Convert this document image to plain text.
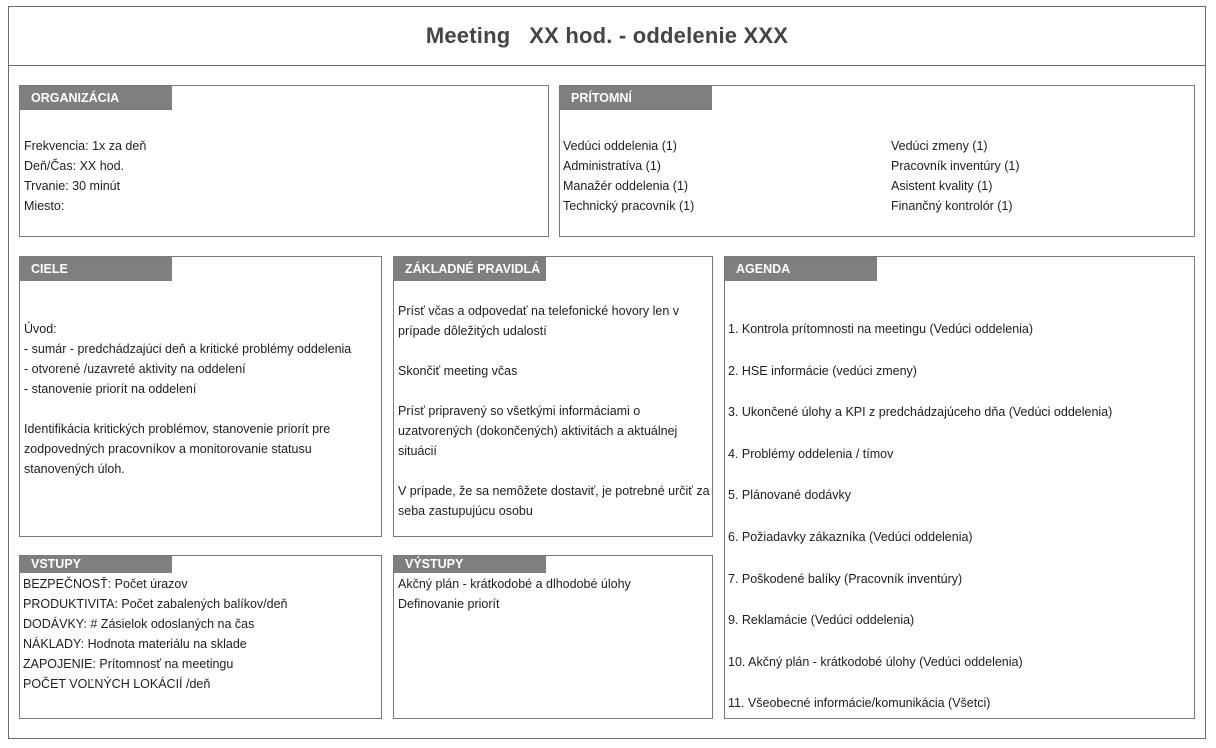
Meeting   XX hod. - oddelenie XXX
ORGANIZÁCIA
Frekvencia: 1x za deň
Deň/Čas: XX hod.
Trvanie: 30 minút
Miesto:
PRÍTOMNÍ
Vedúci oddelenia (1)
Administratíva (1)
Manažér oddelenia (1)
Technický pracovník (1)
Vedúci zmeny (1)
Pracovník inventúry (1)
Asistent kvality (1)
Finančný kontrolór (1)
CIELE
Úvod:
- sumár - predchádzajúci deň a kritické problémy oddelenia
- otvorené /uzavreté aktivity na oddelení
- stanovenie priorít na oddelení
Identifikácia kritických problémov, stanovenie priorít pre zodpovedných pracovníkov a monitorovanie statusu stanovených úloh.
ZÁKLADNÉ PRAVIDLÁ
Prísť včas a odpovedať na telefonické hovory len v prípade dôležitých udalostí
Skončiť meeting včas
Prísť pripravený so všetkými informáciami o uzatvorených (dokončených) aktivitách a aktuálnej situácií
V prípade, že sa nemôžete dostaviť, je potrebné určiť za seba zastupujúcu osobu
AGENDA
1. Kontrola prítomnosti na meetingu (Vedúci oddelenia)
2. HSE informácie (vedúci zmeny)
3. Ukončené úlohy a KPI z predchádzajúceho dňa (Vedúci oddelenia)
4. Problémy oddelenia / tímov
5. Plánované dodávky
6. Požiadavky zákazníka (Vedúci oddelenia)
7. Poškodené balíky (Pracovník inventúry)
9. Reklamácie (Vedúci oddelenia)
10. Akčný plán - krátkodobé úlohy (Vedúci oddelenia)
11. Všeobecné informácie/komunikácia (Všetci)
VSTUPY
BEZPEČNOSŤ: Počet úrazov
PRODUKTIVITA: Počet zabalených balíkov/deň
DODÁVKY: # Zásielok odoslaných na čas
NÁKLADY: Hodnota materiálu na sklade
ZAPOJENIE: Prítomnosť na meetingu
POČET VOĽNÝCH LOKÁCIÍ /deň
VÝSTUPY
Akčný plán - krátkodobé a dlhodobé úlohy
Definovanie priorít
